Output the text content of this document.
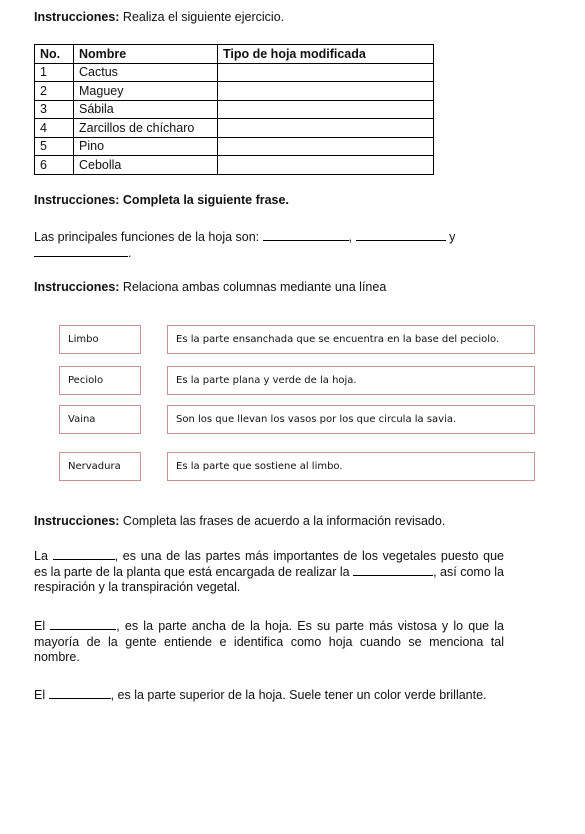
Instrucciones: Realiza el siguiente ejercicio.
No.	Nombre	Tipo de hoja modificada
1	Cactus	
2	Maguey	
3	Sábila	
4	Zarcillos de chícharo	
5	Pino	
6	Cebolla	
Instrucciones: Completa la siguiente frase.
Las principales funciones de la hoja son:	,	y
.
Instrucciones: Relaciona ambas columnas mediante una línea
Limbo	Es la parte ensanchada que se encuentra en la base del peciolo.
Peciolo	Es la parte plana y verde de la hoja.
Vaina	Son los que llevan los vasos por los que circula la savia.
Nervadura	Es la parte que sostiene al limbo.
Instrucciones: Completa las frases de acuerdo a la información revisado.
La	, es una de las partes más importantes de los vegetales puesto que es la parte de la planta que está encargada de realizar la	, así como la respiración y la transpiración vegetal.
El	, es la parte ancha de la hoja. Es su parte más vistosa y lo que la mayoría de la gente entiende e identifica como hoja cuando se menciona tal nombre.
El	, es la parte superior de la hoja. Suele tener un color verde brillante.
